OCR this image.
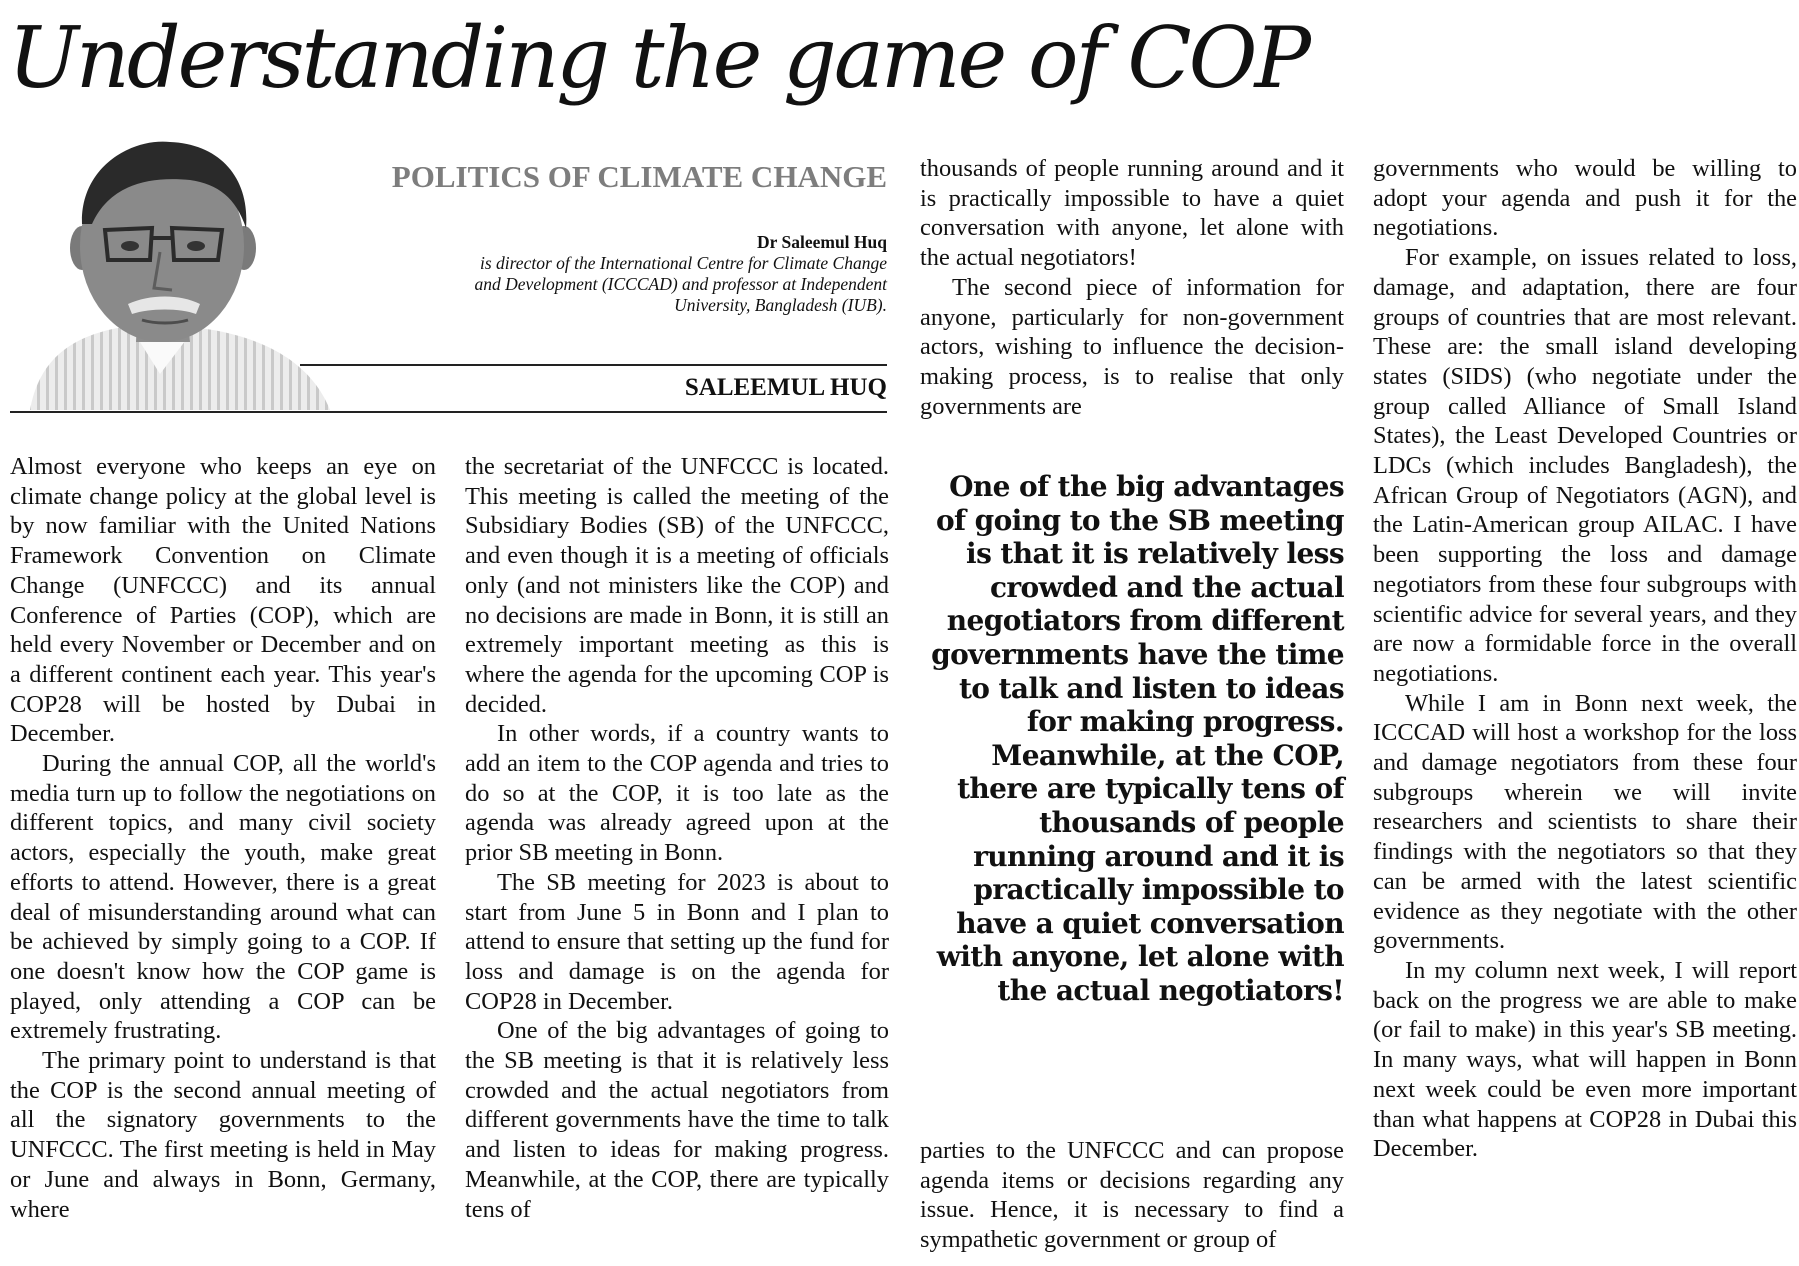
Understanding the game of COP
POLITICS OF CLIMATE CHANGE
Dr Saleemul Huq
is director of the International Centre for Climate Change and Development (ICCCAD) and professor at Independent University, Bangladesh (IUB).
SALEEMUL HUQ

Almost everyone who keeps an eye on climate change policy at the global level is by now familiar with the United Nations Framework Convention on Climate Change (UNFCCC) and its annual Conference of Parties (COP), which are held every November or December and on a different continent each year. This year's COP28 will be hosted by Dubai in December.

During the annual COP, all the world's media turn up to follow the negotiations on different topics, and many civil society actors, especially the youth, make great efforts to attend. However, there is a great deal of misunderstanding around what can be achieved by simply going to a COP. If one doesn't know how the COP game is played, only attending a COP can be extremely frustrating.

The primary point to understand is that the COP is the second annual meeting of all the signatory governments to the UNFCCC. The first meeting is held in May or June and always in Bonn, Germany, where

the secretariat of the UNFCCC is located. This meeting is called the meeting of the Subsidiary Bodies (SB) of the UNFCCC, and even though it is a meeting of officials only (and not ministers like the COP) and no decisions are made in Bonn, it is still an extremely important meeting as this is where the agenda for the upcoming COP is decided.

In other words, if a country wants to add an item to the COP agenda and tries to do so at the COP, it is too late as the agenda was already agreed upon at the prior SB meeting in Bonn.

The SB meeting for 2023 is about to start from June 5 in Bonn and I plan to attend to ensure that setting up the fund for loss and damage is on the agenda for COP28 in December.

One of the big advantages of going to the SB meeting is that it is relatively less crowded and the actual negotiators from different governments have the time to talk and listen to ideas for making progress. Meanwhile, at the COP, there are typically tens of

thousands of people running around and it is practically impossible to have a quiet conversation with anyone, let alone with the actual negotiators!

The second piece of information for anyone, particularly for non-government actors, wishing to influence the decision-making process, is to realise that only governments are

One of the big advantages of going to the SB meeting is that it is relatively less crowded and the actual negotiators from different governments have the time to talk and listen to ideas for making progress. Meanwhile, at the COP, there are typically tens of thousands of people running around and it is practically impossible to have a quiet conversation with anyone, let alone with the actual negotiators!

parties to the UNFCCC and can propose agenda items or decisions regarding any issue. Hence, it is necessary to find a sympathetic government or group of

governments who would be willing to adopt your agenda and push it for the negotiations.

For example, on issues related to loss, damage, and adaptation, there are four groups of countries that are most relevant. These are: the small island developing states (SIDS) (who negotiate under the group called Alliance of Small Island States), the Least Developed Countries or LDCs (which includes Bangladesh), the African Group of Negotiators (AGN), and the Latin-American group AILAC. I have been supporting the loss and damage negotiators from these four subgroups with scientific advice for several years, and they are now a formidable force in the overall negotiations.

While I am in Bonn next week, the ICCCAD will host a workshop for the loss and damage negotiators from these four subgroups wherein we will invite researchers and scientists to share their findings with the negotiators so that they can be armed with the latest scientific evidence as they negotiate with the other governments.

In my column next week, I will report back on the progress we are able to make (or fail to make) in this year's SB meeting. In many ways, what will happen in Bonn next week could be even more important than what happens at COP28 in Dubai this December.
